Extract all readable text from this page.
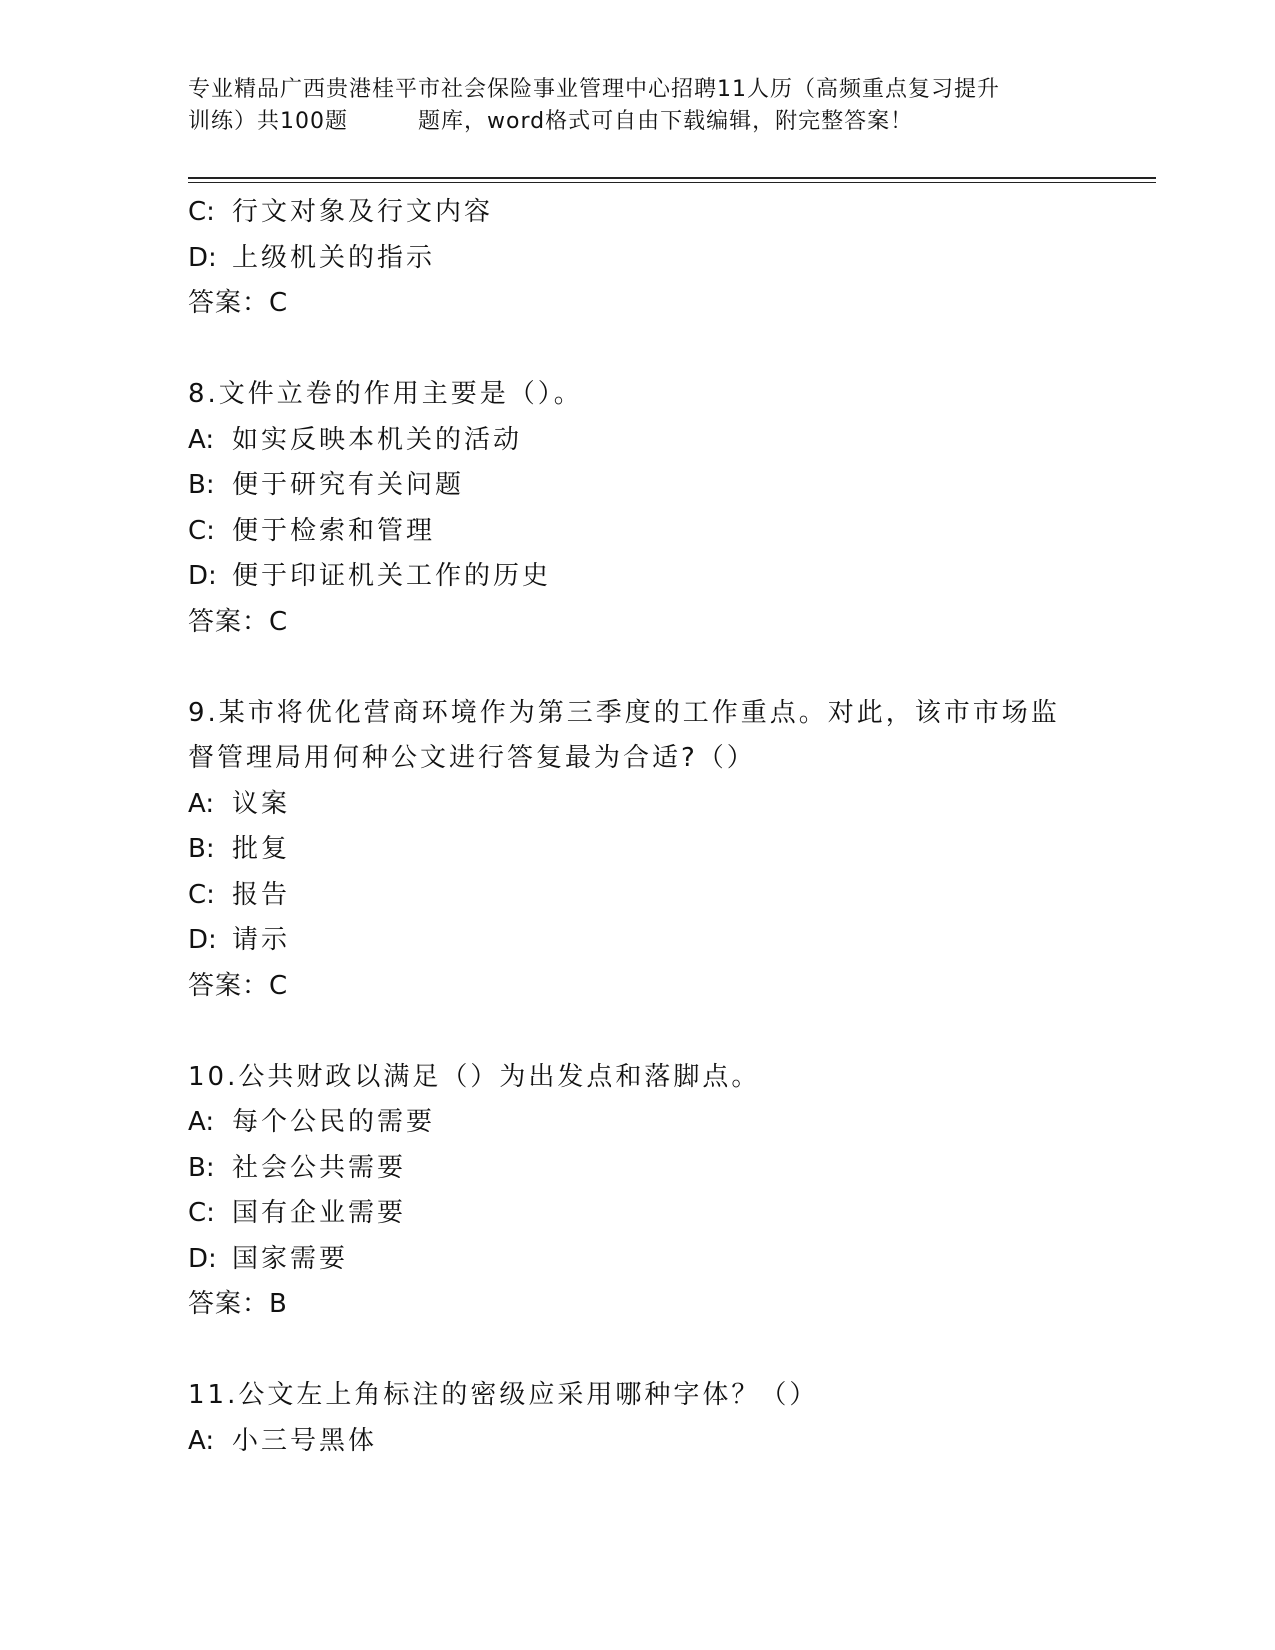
专业精品广西贵港桂平市社会保险事业管理中心招聘11人历（高频重点复习提升
训练）共100题	题库，word格式可自由下载编辑，附完整答案！
C: 行文对象及行文内容
D: 上级机关的指示
答案：C
8.文件立卷的作用主要是（）。
A: 如实反映本机关的活动
B: 便于研究有关问题
C: 便于检索和管理
D: 便于印证机关工作的历史
答案：C
9.某市将优化营商环境作为第三季度的工作重点。对此，该市市场监
督管理局用何种公文进行答复最为合适?（）
A: 议案
B: 批复
C: 报告
D: 请示
答案：C
10.公共财政以满足（）为出发点和落脚点。
A: 每个公民的需要
B: 社会公共需要
C: 国有企业需要
D: 国家需要
答案：B
11.公文左上角标注的密级应采用哪种字体？（）
A: 小三号黑体
